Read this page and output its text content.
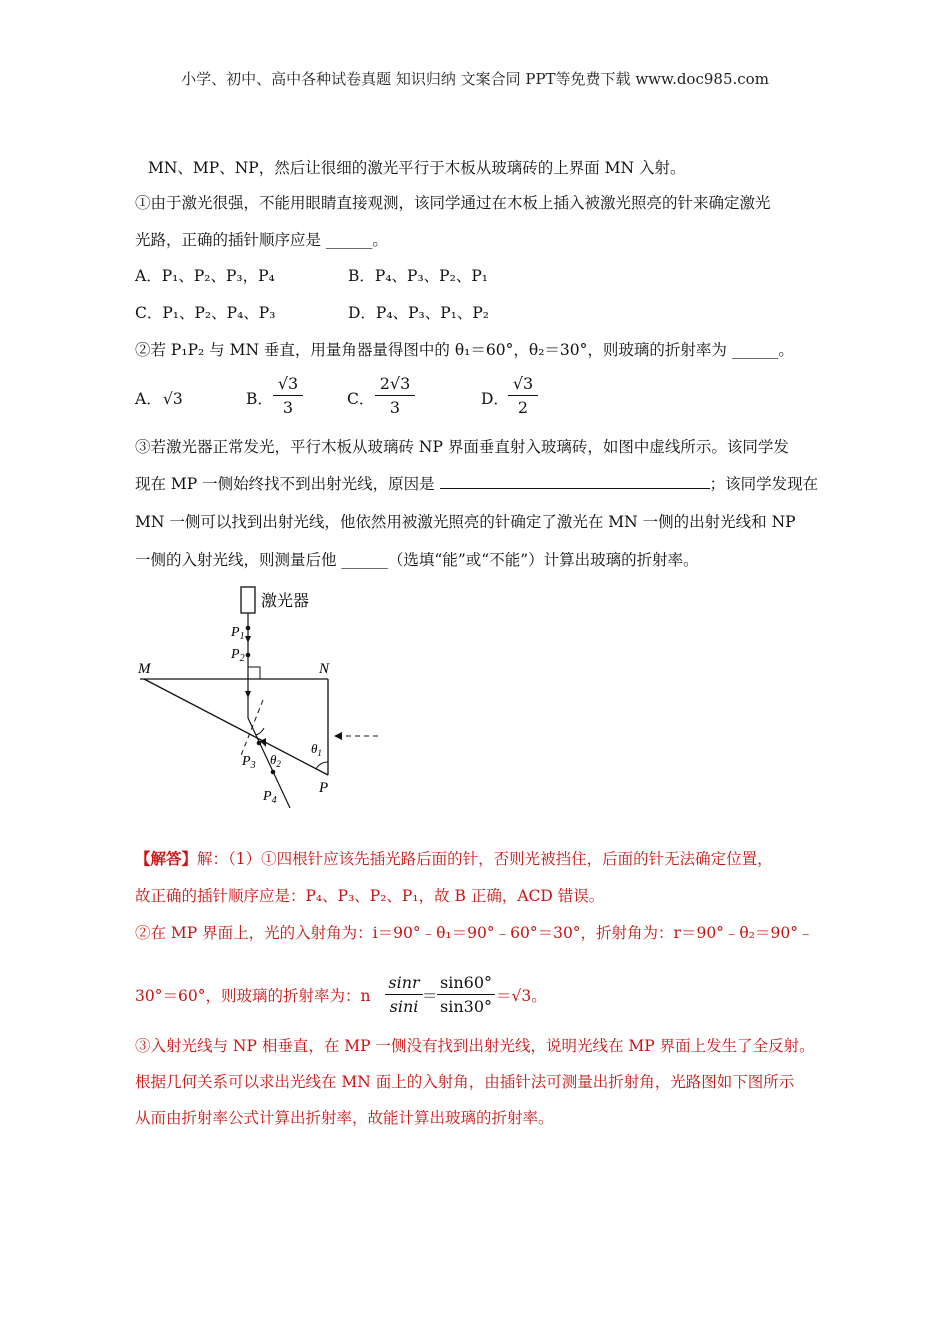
小学、初中、高中各种试卷真题 知识归纳 文案合同 PPT等免费下载 www.doc985.com
MN、MP、NP，然后让很细的激光平行于木板从玻璃砖的上界面 MN 入射。
①由于激光很强，不能用眼睛直接观测，该同学通过在木板上插入被激光照亮的针来确定激光
光路，正确的插针顺序应是 ______。
A．P₁、P₂、P₃，P₄	B．P₄、P₃、P₂、P₁
C．P₁、P₂、P₄、P₃	D．P₄、P₃、P₁、P₂
②若 P₁P₂ 与 MN 垂直，用量角器量得图中的 θ₁＝60°，θ₂＝30°，则玻璃的折射率为 ______。
A． √3	B．
√3
3	C．
2√3
3	D．
√3
2
③若激光器正常发光，平行木板从玻璃砖 NP 界面垂直射入玻璃砖，如图中虚线所示。该同学发
现在 MP 一侧始终找不到出射光线，原因是	；该同学发现在
MN 一侧可以找到出射光线，他依然用被激光照亮的针确定了激光在 MN 一侧的出射光线和 NP
一侧的入射光线，则测量后他 ______（选填“能”或“不能”）计算出玻璃的折射率。
激光器
$P_1$
$P_2$
M	N
P
$P_3$
$P_4$
$\theta_2$
$\theta_1$
【解答】解：（1）①四根针应该先插光路后面的针，否则光被挡住，后面的针无法确定位置，
故正确的插针顺序应是：P₄、P₃、P₂、P₁，故 B 正确，ACD 错误。
②在 MP 界面上，光的入射角为：i＝90°﹣θ₁＝90°﹣60°＝30°，折射角为：r＝90°﹣θ₂＝90°﹣
30°＝60°，则玻璃的折射率为：n
sinr
sini
＝
sin60°
sin30°
＝√3。
③入射光线与 NP 相垂直，在 MP 一侧没有找到出射光线，说明光线在 MP 界面上发生了全反射。
根据几何关系可以求出光线在 MN 面上的入射角，由插针法可测量出折射角，光路图如下图所示
从而由折射率公式计算出折射率，故能计算出玻璃的折射率。
